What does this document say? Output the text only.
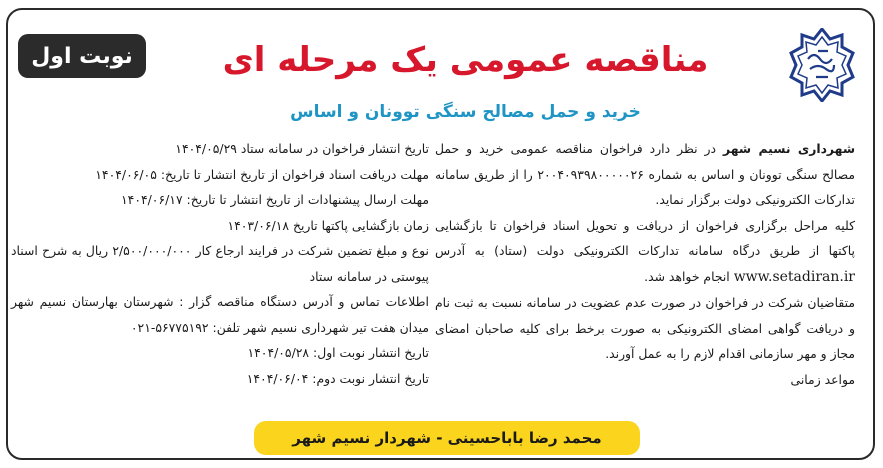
مناقصه عمومی یک مرحله ای
نوبت اول
خرید و حمل مصالح سنگی توونان و اساس

شهرداری نسیم شهر در نظر دارد فراخوان مناقصه عمومی خرید و حمل مصالح سنگی توونان و اساس به شماره ۲۰۰۴۰۹۳۹۸۰۰۰۰۰۲۶ را از طریق سامانه تدارکات الکترونیکی دولت برگزار نماید.

کلیه مراحل برگزاری فراخوان از دریافت و تحویل اسناد فراخوان تا بازگشایی پاکتها از طریق درگاه سامانه تدارکات الکترونیکی دولت (ستاد) به آدرس www.setadiran.ir انجام خواهد شد.

متقاضیان شرکت در فراخوان در صورت عدم عضویت در سامانه نسبت به ثبت نام و دریافت گواهی امضای الکترونیکی به صورت برخط برای کلیه صاحبان امضای مجاز و مهر سازمانی اقدام لازم را به عمل آورند.

مواعد زمانی

تاریخ انتشار فراخوان در سامانه ستاد ۱۴۰۴/۰۵/۲۹

مهلت دریافت اسناد فراخوان از تاریخ انتشار تا تاریخ: ۱۴۰۴/۰۶/۰۵

مهلت ارسال پیشنهادات از تاریخ انتشار تا تاریخ: ۱۴۰۴/۰۶/۱۷

زمان بازگشایی پاکتها تاریخ ۱۴۰۳/۰۶/۱۸

نوع و مبلغ تضمین شرکت در فرایند ارجاع کار ۲/۵۰۰/۰۰۰/۰۰۰ ریال به شرح اسناد پیوستی در سامانه ستاد

اطلاعات تماس و آدرس دستگاه مناقصه گزار : شهرستان بهارستان نسیم شهر میدان هفت تیر شهرداری نسیم شهر تلفن: ۵۶۷۷۵۱۹۲-۰۲۱

تاریخ انتشار نوبت اول: ۱۴۰۴/۰۵/۲۸

تاریخ انتشار نوبت دوم: ۱۴۰۴/۰۶/۰۴

محمد رضا باباحسینی - شهردار نسیم شهر
